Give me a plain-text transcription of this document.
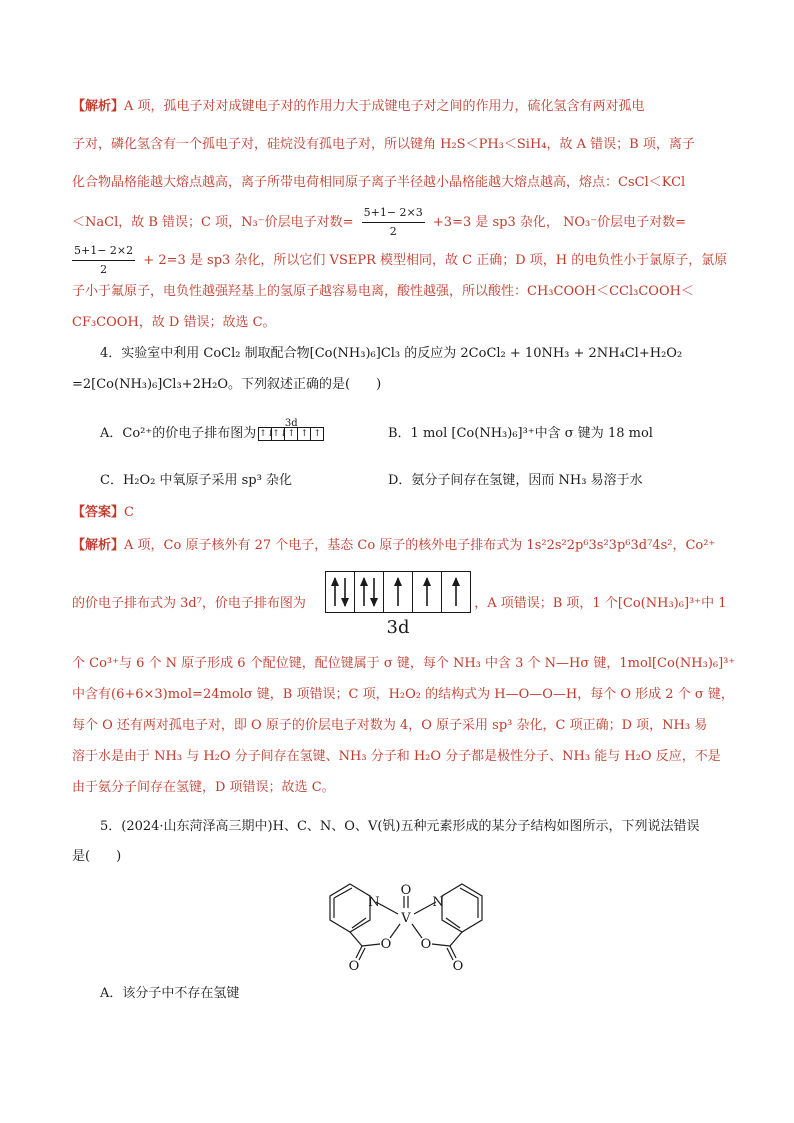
【解析】A 项，孤电子对对成键电子对的作用力大于成键电子对之间的作用力，硫化氢含有两对孤电
子对，磷化氢含有一个孤电子对，硅烷没有孤电子对，所以键角 H₂S＜PH₃＜SiH₄，故 A 错误；B 项，离子
化合物晶格能越大熔点越高，离子所带电荷相同原子离子半径越小晶格能越大熔点越高，熔点：CsCl＜KCl
＜NaCl，故 B 错误；C 项，N₃⁻价层电子对数= $\frac{5+1- 2\times 3}{2} +3=3$ 是 sp3 杂化， NO₃⁻价层电子对数=
$\frac{5+1- 2\times 2}{2} + 2=3$ 是 sp3 杂化，所以它们 VSEPR 模型相同，故 C 正确；D 项，H 的电负性小于氯原子，氯原
子小于氟原子，电负性越强羟基上的氢原子越容易电离，酸性越强，所以酸性：CH₃COOH＜CCl₃COOH＜
CF₃COOH，故 D 错误；故选 C。
4．实验室中利用 CoCl₂ 制取配合物[Co(NH₃)₆]Cl₃ 的反应为 2CoCl₂ + 10NH₃ + 2NH₄Cl+H₂O₂
=2[Co(NH₃)₆]Cl₃+2H₂O。下列叙述正确的是(　　)
A．Co²⁺的价电子排布图为
3d
↑↓
↑↓ ↑ ↑ ↑	B．1 mol [Co(NH₃)₆]³⁺中含 σ 键为 18 mol
C．H₂O₂ 中氧原子采用 sp³ 杂化	D．氨分子间存在氢键，因而 NH₃ 易溶于水
【答案】C
【解析】A 项，Co 原子核外有 27 个电子，基态 Co 原子的核外电子排布式为 1s²2s²2p⁶3s²3p⁶3d⁷4s²，Co²⁺
的价电子排布式为 3d⁷，价电子排布图为	，A 项错误；B 项，1 个[Co(NH₃)₆]³⁺中 1
3d
个 Co³⁺与 6 个 N 原子形成 6 个配位键，配位键属于 σ 键，每个 NH₃ 中含 3 个 N—Hσ 键，1mol[Co(NH₃)₆]³⁺
中含有(6+6×3)mol=24molσ 键，B 项错误；C 项，H₂O₂ 的结构式为 H—O—O—H，每个 O 形成 2 个 σ 键，
每个 O 还有两对孤电子对，即 O 原子的价层电子对数为 4，O 原子采用 sp³ 杂化，C 项正确；D 项，NH₃ 易
溶于水是由于 NH₃ 与 H₂O 分子间存在氢键、NH₃ 分子和 H₂O 分子都是极性分子、NH₃ 能与 H₂O 反应，不是
由于氨分子间存在氢键，D 项错误；故选 C。
5．(2024·山东菏泽高三期中)H、C、N、O、V(钒)五种元素形成的某分子结构如图所示，下列说法错误
是(　　)
O
V
N	N
O O
O	O
A．该分子中不存在氢键
